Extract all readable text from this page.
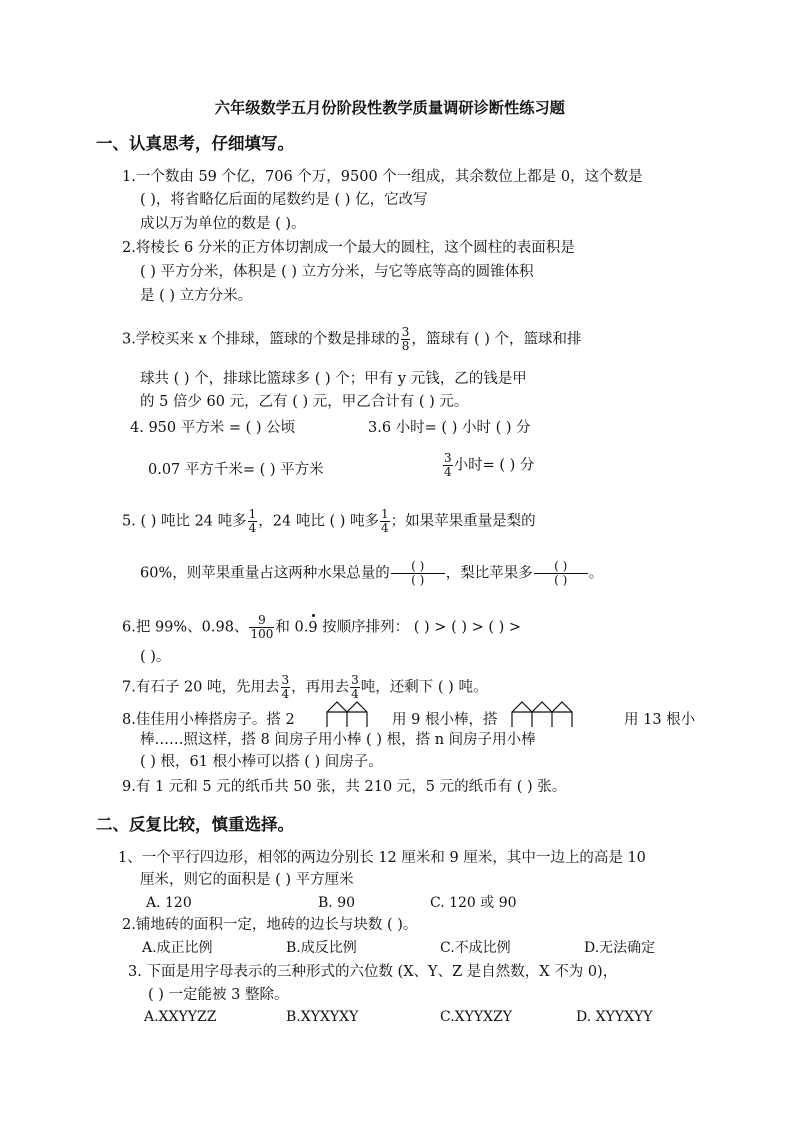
六年级数学五月份阶段性教学质量调研诊断性练习题
一、认真思考，仔细填写。
1.一个数由 59 个亿，706 个万，9500 个一组成，其余数位上都是 0，这个数是
( )，将省略亿后面的尾数约是 ( ) 亿，它改写
成以万为单位的数是 ( )。
2.将棱长 6 分米的正方体切割成一个最大的圆柱，这个圆柱的表面积是
( ) 平方分米，体积是 ( ) 立方分米，与它等底等高的圆锥体积
是 ( ) 立方分米。
3.学校买来 x 个排球，篮球的个数是排球的 $\frac{3}{8}$ ，篮球有 ( ) 个，篮球和排
球共 ( ) 个，排球比篮球多 ( ) 个；甲有 y 元钱，乙的钱是甲
的 5 倍少 60 元，乙有 ( ) 元，甲乙合计有 ( ) 元。
4. 950 平方米 = ( ) 公顷	3.6 小时= ( ) 小时 ( ) 分
0.07 平方千米= ( ) 平方米	$\frac{3}{4}$ 小时= ( ) 分
5. ( ) 吨比 24 吨多 $\frac{1}{4}$ ，24 吨比 ( ) 吨多 $\frac{1}{4}$ ；如果苹果重量是梨的
60%，则苹果重量占这两种水果总量的 $\frac{( )}{( )}$ ，梨比苹果多 $\frac{( )}{( )}$ 。
6.把 99%、0.98、 $\frac{9}{100}$ 和 0.9 按顺序排列： ( ) > ( ) > ( ) >
( )。
7.有石子 20 吨，先用去 $\frac{3}{4}$ ，再用去 $\frac{3}{4}$ 吨，还剩下 ( ) 吨。
8.佳佳用小棒搭房子。搭 2	用 9 根小棒，搭	用 13 根小
棒……照这样，搭 8 间房子用小棒 ( ) 根，搭 n 间房子用小棒
( ) 根，61 根小棒可以搭 ( ) 间房子。
9.有 1 元和 5 元的纸币共 50 张，共 210 元，5 元的纸币有 ( ) 张。
二、反复比较，慎重选择。
1、一个平行四边形，相邻的两边分别长 12 厘米和 9 厘米，其中一边上的高是 10
厘米，则它的面积是 ( ) 平方厘米
A. 120	B. 90	C. 120 或 90
2.铺地砖的面积一定，地砖的边长与块数 ( )。
A.成正比例	B.成反比例	C.不成比例	D.无法确定
3. 下面是用字母表示的三种形式的六位数 (X、Y、Z 是自然数，X 不为 0)，
( ) 一定能被 3 整除。
A.XXYYZZ	B.XYXYXY	C.XYYXZY	D. XYYXYY
